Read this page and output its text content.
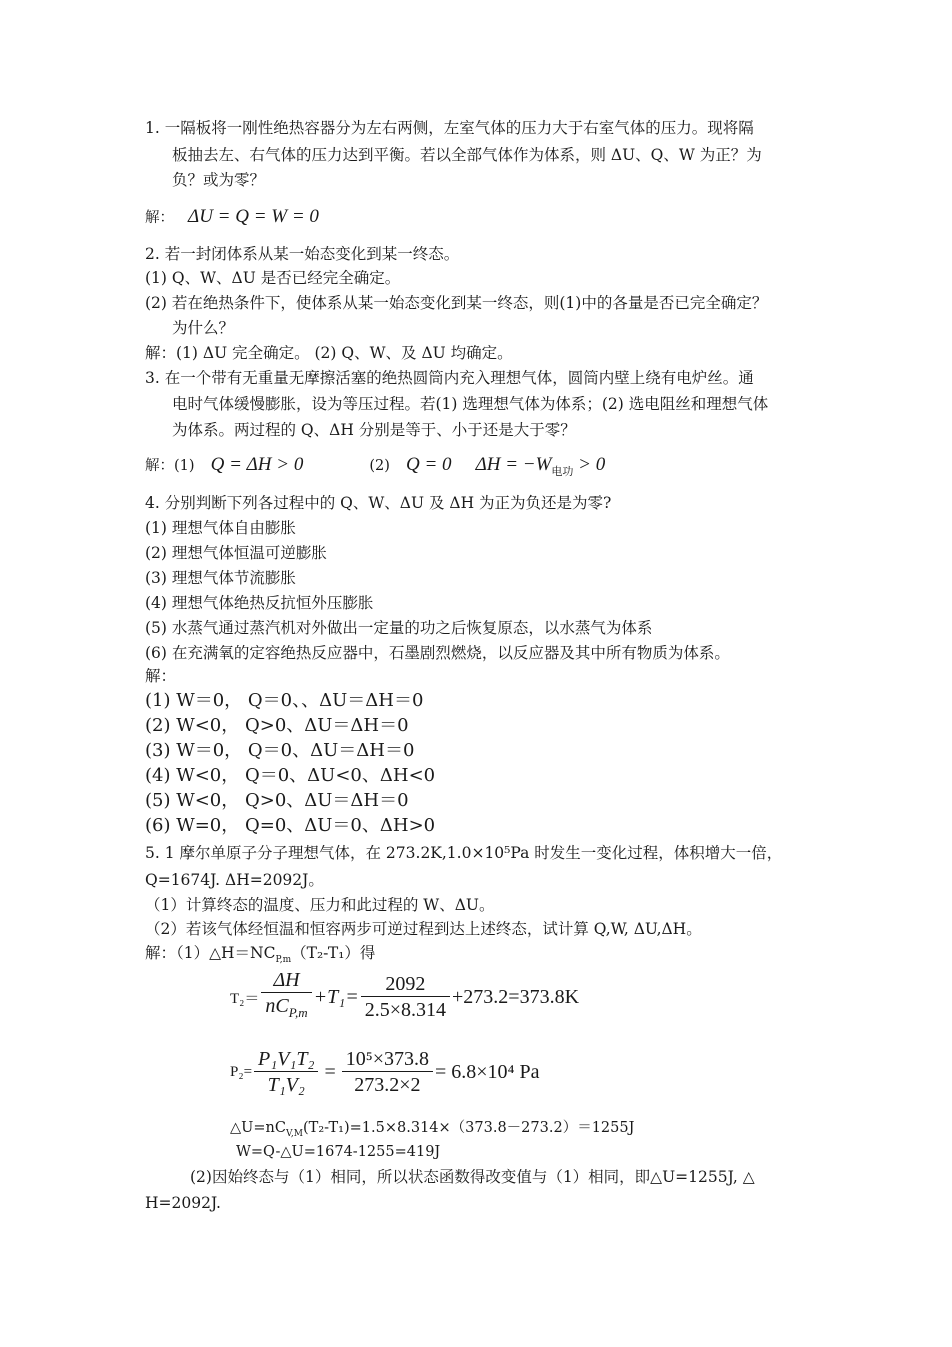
1. 一隔板将一刚性绝热容器分为左右两侧，左室气体的压力大于右室气体的压力。现将隔
板抽去左、右气体的压力达到平衡。若以全部气体作为体系，则 ΔU、Q、W 为正？为
负？或为零？
解： ΔU = Q = W = 0
2. 若一封闭体系从某一始态变化到某一终态。
(1) Q、W、ΔU 是否已经完全确定。
(2) 若在绝热条件下，使体系从某一始态变化到某一终态，则(1)中的各量是否已完全确定？
为什么？
解：(1) ΔU 完全确定。 (2) Q、W、及 ΔU 均确定。
3. 在一个带有无重量无摩擦活塞的绝热圆筒内充入理想气体，圆筒内壁上绕有电炉丝。通
电时气体缓慢膨胀，设为等压过程。若(1) 选理想气体为体系；(2) 选电阻丝和理想气体
为体系。两过程的 Q、ΔH 分别是等于、小于还是大于零？
解：(1) Q = ΔH > 0	(2) Q = 0 $\Delta H = -W_{电功} > 0$
4. 分别判断下列各过程中的 Q、W、ΔU 及 ΔH 为正为负还是为零?
(1) 理想气体自由膨胀
(2) 理想气体恒温可逆膨胀
(3) 理想气体节流膨胀
(4) 理想气体绝热反抗恒外压膨胀
(5) 水蒸气通过蒸汽机对外做出一定量的功之后恢复原态，以水蒸气为体系
(6) 在充满氧的定容绝热反应器中，石墨剧烈燃烧，以反应器及其中所有物质为体系。
解：
(1) W＝0， Q＝0、、ΔU＝ΔH＝0
(2) W<0， Q>0、ΔU＝ΔH＝0
(3) W＝0， Q＝0、ΔU＝ΔH＝0
(4) W<0， Q＝0、ΔU<0、ΔH<0
(5) W<0， Q>0、ΔU＝ΔH＝0
(6) W=0， Q=0、ΔU＝0、ΔH>0
5. 1 摩尔单原子分子理想气体，在 273.2K,1.0×10⁵Pa 时发生一变化过程，体积增大一倍，
Q=1674J. ΔH=2092J。
（1）计算终态的温度、压力和此过程的 W、ΔU。
（2）若该气体经恒温和恒容两步可逆过程到达上述终态，试计算 Q,W, ΔU,ΔH。
解：$(1)\triangle H=NC_{P,m}(T_2-T_1)$得
$T_2= \frac{\Delta H}{nC_{P,m}} +T_1= \frac{2092}{2.5\times 8.314} +273.2=373.8K$
$P_2= \frac{\text{P₁V₁T₂}}{\text{T₁V₂}} = \frac{\text{10⁵×373.8}}{273.2\times 2} = 6.8\times 10^4$ Pa
$\triangle U=nC_{V,M}(T_2-T_1)=1.5\times 8.314\times(373.8-273.2)=1255J$
W=Q-△U=1674-1255=419J
(2)因始终态与（1）相同，所以状态函数得改变值与（1）相同，即△U=1255J, △
H=2092J.
